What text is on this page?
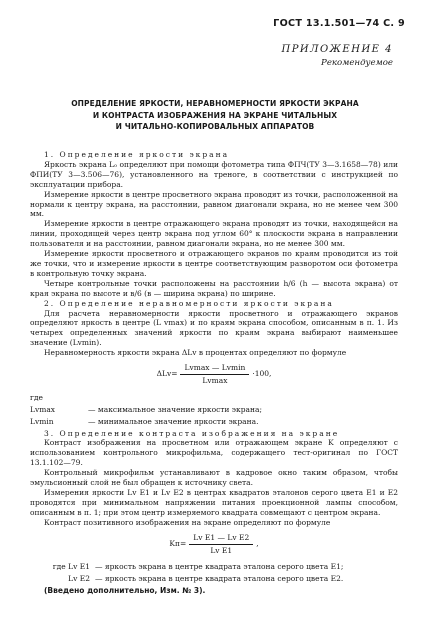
ГОСТ 13.1.501—74 С. 9
ПРИЛОЖЕНИЕ 4
Рекомендуемое
ОПРЕДЕЛЕНИЕ ЯРКОСТИ, НЕРАВНОМЕРНОСТИ ЯРКОСТИ ЭКРАНА
И КОНТРАСТА ИЗОБРАЖЕНИЯ НА ЭКРАНЕ ЧИТАЛЬНЫХ
И ЧИТАЛЬНО-КОПИРОВАЛЬНЫХ АППАРАТОВ

1. Определение яркости экрана

Яркость экрана Lₒ определяют при помощи фотометра типа ФПЧ(ТУ 3—3.1658—78) или ФПИ(ТУ 3—3.506—76), установленного на треноге, в соответствии с инструкцией по эксплуатации прибора.

Измерение яркости в центре просветного экрана проводят из точки, расположенной на нормали к центру экрана, на расстоянии, равном диагонали экрана, но не менее чем 300 мм.

Измерение яркости в центре отражающего экрана проводят из точки, находящейся на линии, проходящей через центр экрана под углом 60° к плоскости экрана в направлении пользователя и на расстоянии, равном диагонали экрана, но не менее 300 мм.

Измерение яркости просветного и отражающего экранов по краям проводится из той же точки, что и измерение яркости в центре соответствующим разворотом оси фотометра в контрольную точку экрана.

Четыре контрольные точки расположены на расстоянии h/6 (h — высота экрана) от края экрана по высоте и в/6 (в — ширина экрана) по ширине.

2. Определение неравномерности яркости экрана

Для расчета неравномерности яркости просветного и отражающего экранов определяют яркость в центре (L vmax) и по краям экрана способом, описанным в п. 1. Из четырех определенных значений яркости по краям экрана выбирают наименьшее значение (Lvmin).

Неравномерность яркости экрана ΔLv в процентах определяют по формуле

$\Delta Lv= \frac{Lvmax — Lvmin}{Lvmax} \cdot 100$,
где
Lvmax	— максимальное значение яркости экрана;
Lvmin	— минимальное значение яркости экрана.

3. Определение контраста изображения на экране

Контраст изображения на просветном или отражающем экране K определяют с использованием контрольного микрофильма, содержащего тест-оригинал по ГОСТ 13.1.102—79.

Контрольный микрофильм устанавливают в кадровое окно таким образом, чтобы эмульсионный слой не был обращен к источнику света.

Измерения яркости Lv E1 и Lv E2 в центрах квадратов эталонов серого цвета E1 и E2 проводятся при минимальном напряжении питания проекционной лампы способом, описанным в п. 1; при этом центр измеряемого квадрата совмещают с центром экрана.

Контраст позитивного изображения на экране определяют по формуле

$Kп= \frac{\text{Lv E1 — Lv E2}}{\text{Lv E1}}$ ,
где Lv E1 — яркость экрана в центре квадрата эталона серого цвета E1;
Lv E2 — яркость экрана в центре квадрата эталона серого цвета E2.

(Введено дополнительно, Изм. № 3).
